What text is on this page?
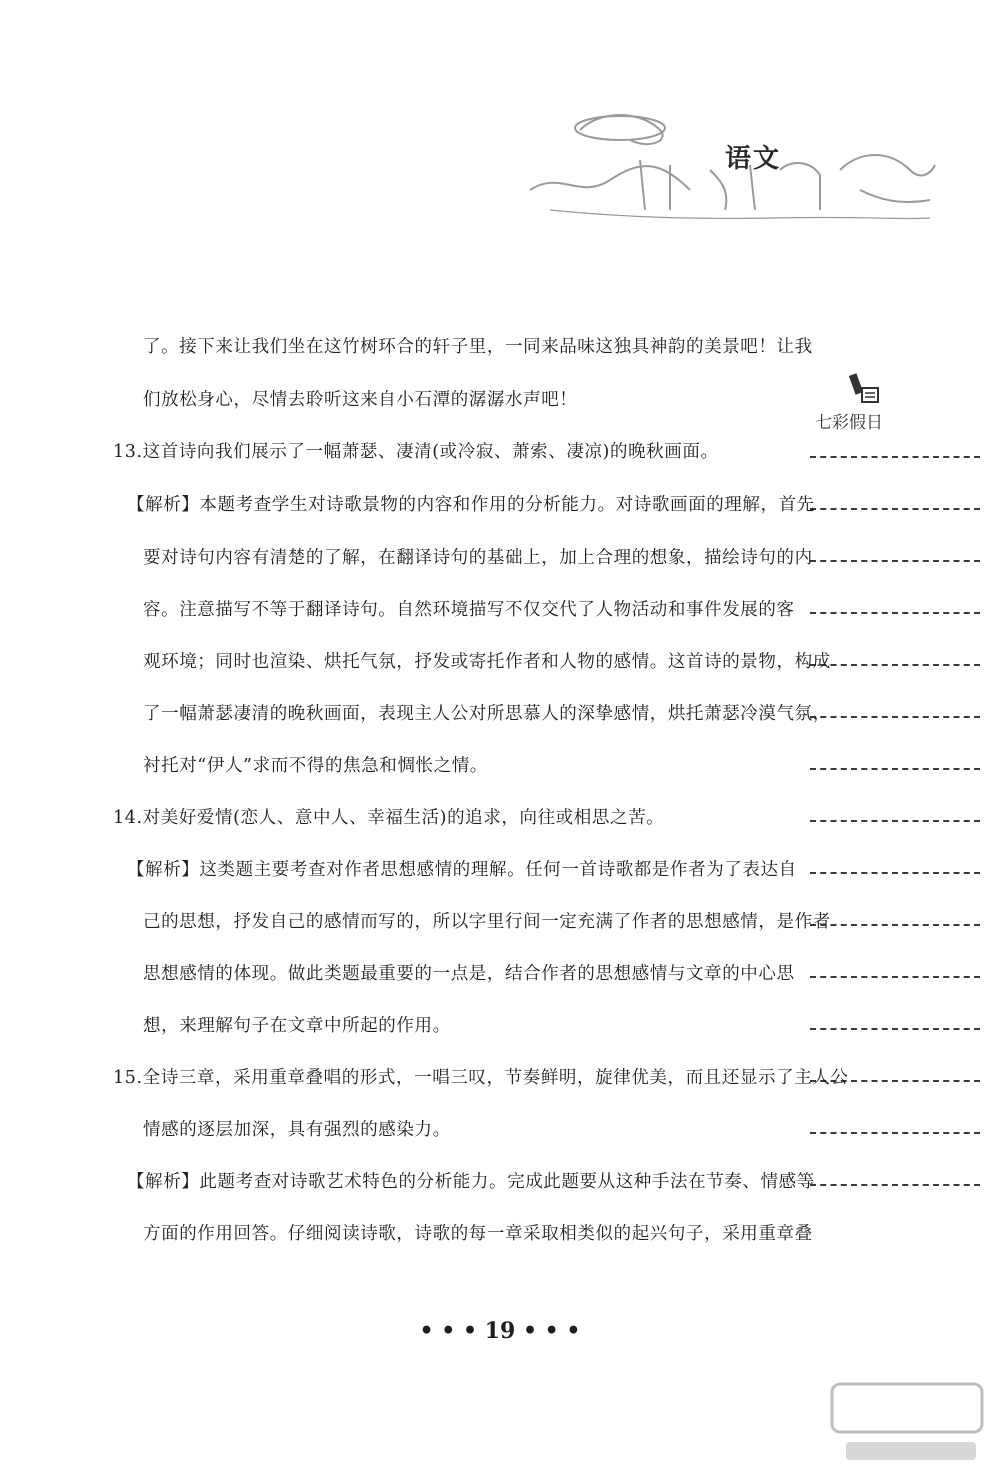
语文
七彩假日
了。接下来让我们坐在这竹树环合的轩子里，一同来品味这独具神韵的美景吧！让我
们放松身心，尽情去聆听这来自小石潭的潺潺水声吧！
13.这首诗向我们展示了一幅萧瑟、凄清(或冷寂、萧索、凄凉)的晚秋画面。
【解析】本题考查学生对诗歌景物的内容和作用的分析能力。对诗歌画面的理解，首先
要对诗句内容有清楚的了解，在翻译诗句的基础上，加上合理的想象，描绘诗句的内
容。注意描写不等于翻译诗句。自然环境描写不仅交代了人物活动和事件发展的客
观环境；同时也渲染、烘托气氛，抒发或寄托作者和人物的感情。这首诗的景物，构成
了一幅萧瑟凄清的晚秋画面，表现主人公对所思慕人的深挚感情，烘托萧瑟冷漠气氛，
衬托对“伊人”求而不得的焦急和惆怅之情。
14.对美好爱情(恋人、意中人、幸福生活)的追求，向往或相思之苦。
【解析】这类题主要考查对作者思想感情的理解。任何一首诗歌都是作者为了表达自
己的思想，抒发自己的感情而写的，所以字里行间一定充满了作者的思想感情，是作者
思想感情的体现。做此类题最重要的一点是，结合作者的思想感情与文章的中心思
想，来理解句子在文章中所起的作用。
15.全诗三章，采用重章叠唱的形式，一唱三叹，节奏鲜明，旋律优美，而且还显示了主人公
情感的逐层加深，具有强烈的感染力。
【解析】此题考查对诗歌艺术特色的分析能力。完成此题要从这种手法在节奏、情感等
方面的作用回答。仔细阅读诗歌，诗歌的每一章采取相类似的起兴句子，采用重章叠
• • • 19 • • •
